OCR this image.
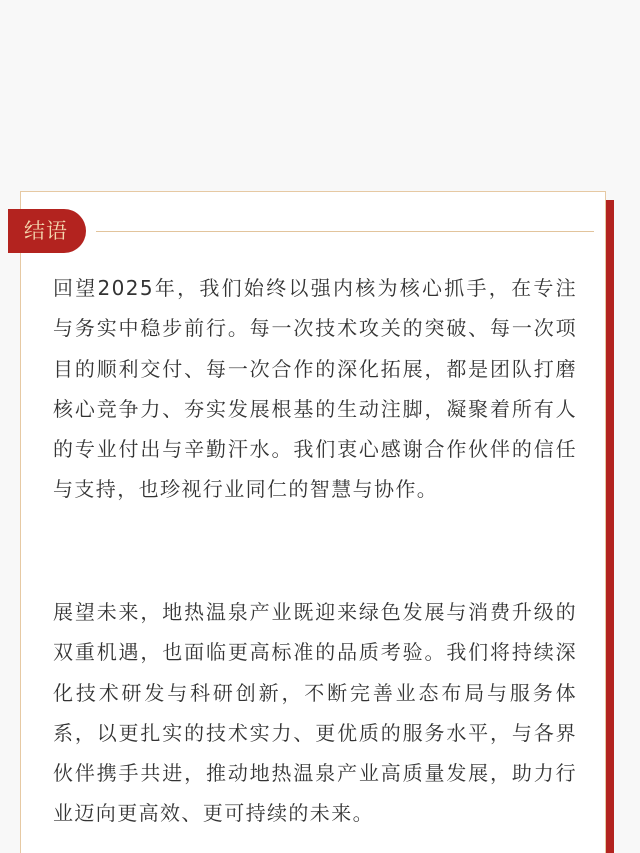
结语

回望2025年，我们始终以强内核为核心抓手，在专注与务实中稳步前行。每一次技术攻关的突破、每一次项目的顺利交付、每一次合作的深化拓展，都是团队打磨核心竞争力、夯实发展根基的生动注脚，凝聚着所有人的专业付出与辛勤汗水。我们衷心感谢合作伙伴的信任与支持，也珍视行业同仁的智慧与协作。

展望未来，地热温泉产业既迎来绿色发展与消费升级的双重机遇，也面临更高标准的品质考验。我们将持续深化技术研发与科研创新，不断完善业态布局与服务体系，以更扎实的技术实力、更优质的服务水平，与各界伙伴携手共进，推动地热温泉产业高质量发展，助力行业迈向更高效、更可持续的未来。
